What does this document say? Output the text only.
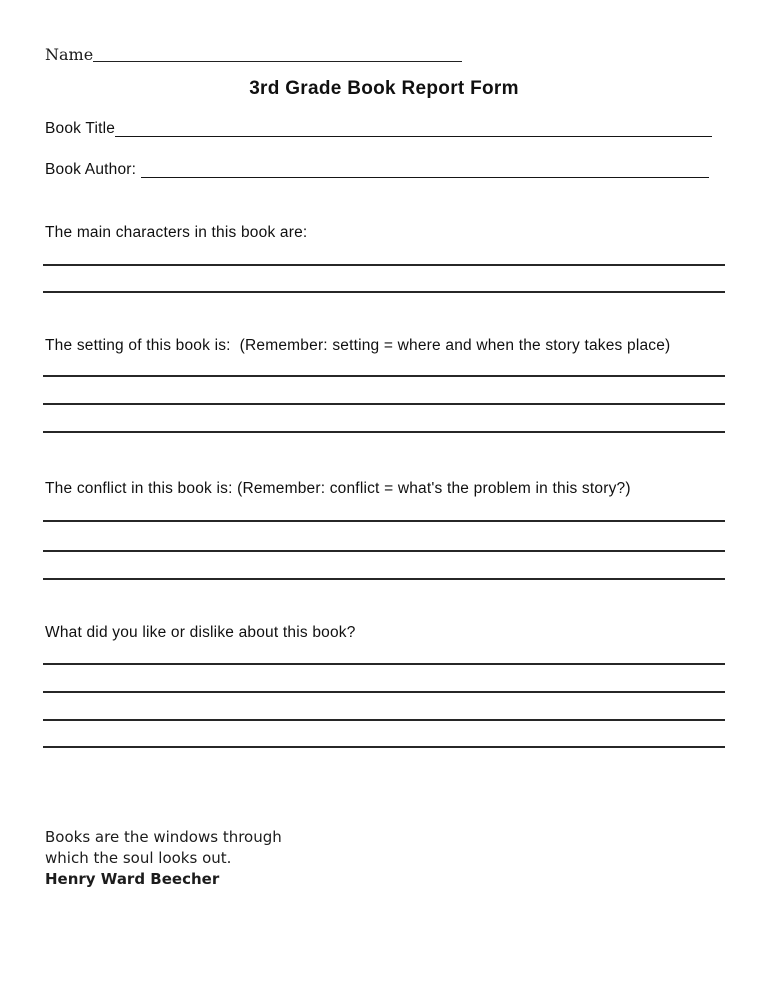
Name
3rd Grade Book Report Form
Book Title
Book Author:
The main characters in this book are:
The setting of this book is:  (Remember: setting = where and when the story takes place)
The conflict in this book is: (Remember: conflict = what's the problem in this story?)
What did you like or dislike about this book?
Books are the windows through
which the soul looks out.
Henry Ward Beecher
